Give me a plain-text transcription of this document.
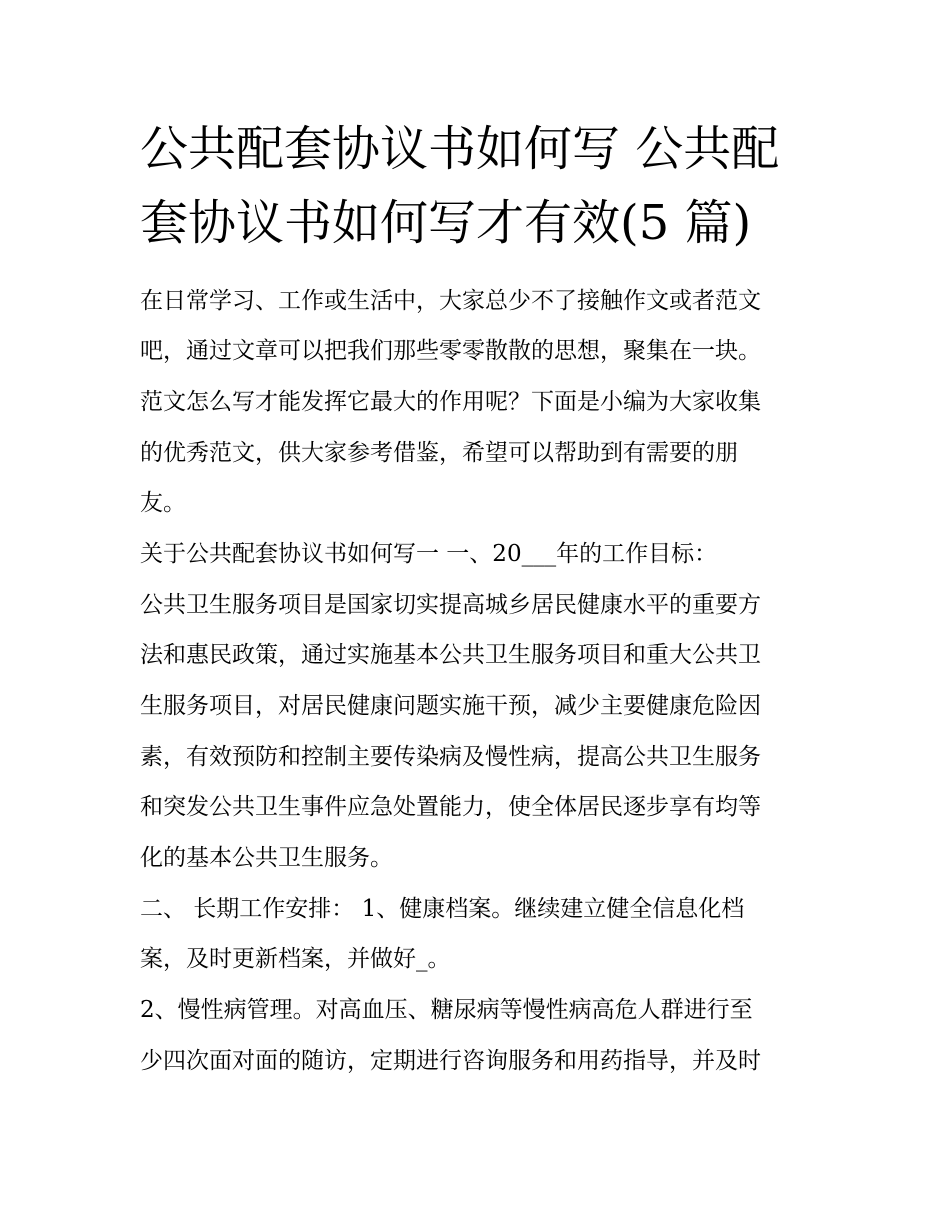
公共配套协议书如何写 公共配
套协议书如何写才有效(5 篇)
在日常学习、工作或生活中，大家总少不了接触作文或者范文
吧，通过文章可以把我们那些零零散散的思想，聚集在一块。
范文怎么写才能发挥它最大的作用呢？下面是小编为大家收集
的优秀范文，供大家参考借鉴，希望可以帮助到有需要的朋
友。
关于公共配套协议书如何写一 一、20___年的工作目标：
公共卫生服务项目是国家切实提高城乡居民健康水平的重要方
法和惠民政策，通过实施基本公共卫生服务项目和重大公共卫
生服务项目，对居民健康问题实施干预，减少主要健康危险因
素，有效预防和控制主要传染病及慢性病，提高公共卫生服务
和突发公共卫生事件应急处置能力，使全体居民逐步享有均等
化的基本公共卫生服务。
二、 长期工作安排： 1、健康档案。继续建立健全信息化档
案，及时更新档案，并做好_。
2、慢性病管理。对高血压、糖尿病等慢性病高危人群进行至
少四次面对面的随访，定期进行咨询服务和用药指导，并及时
